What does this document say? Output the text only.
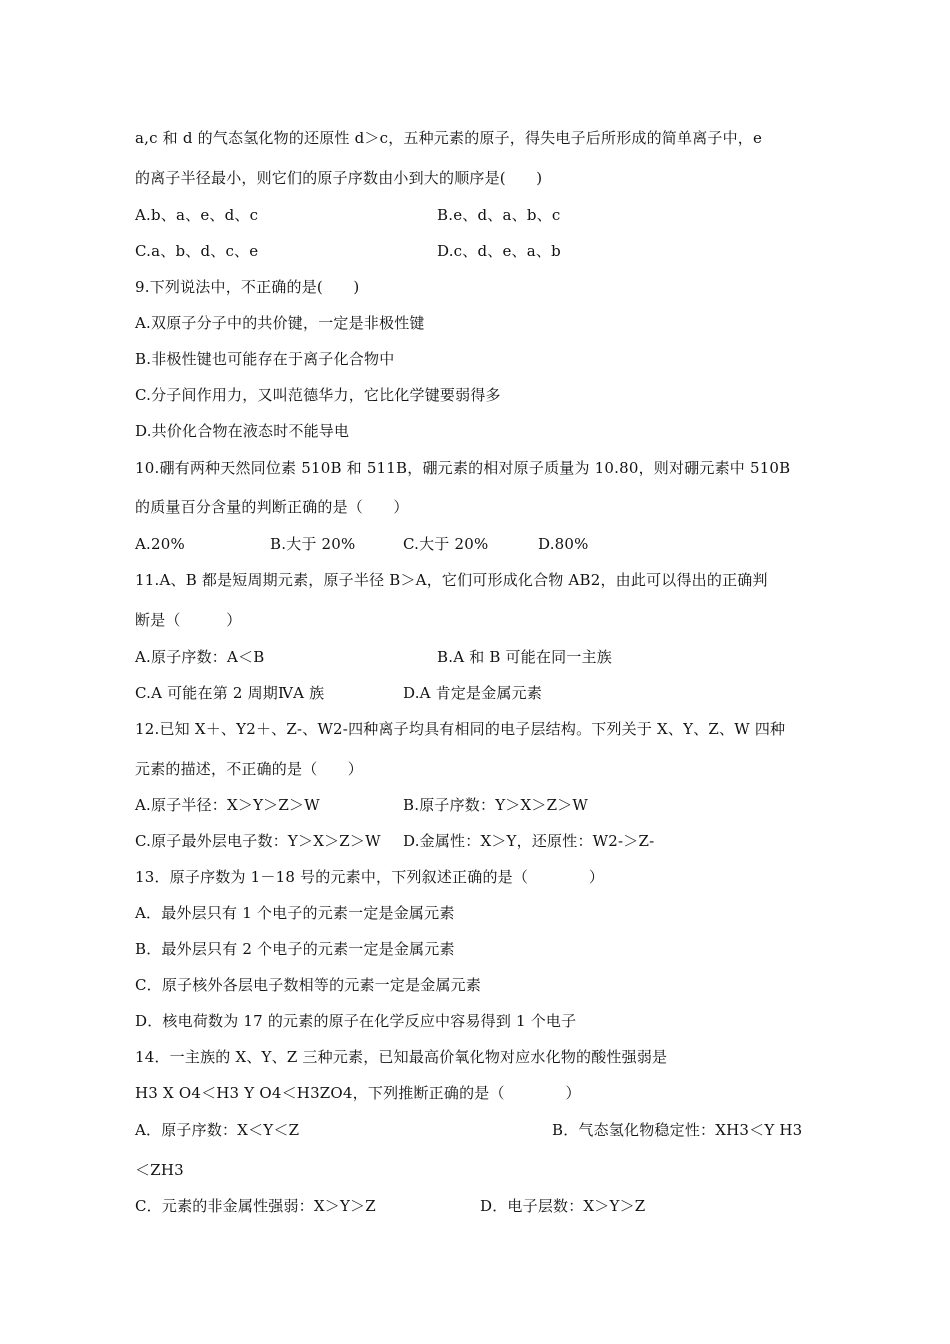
a,c 和 d 的气态氢化物的还原性 d＞c，五种元素的原子，得失电子后所形成的简单离子中，e
的离子半径最小，则它们的原子序数由小到大的顺序是(　　)
A.b、a、e、d、c	B.e、d、a、b、c
C.a、b、d、c、e	D.c、d、e、a、b
9.下列说法中，不正确的是(　　)
A.双原子分子中的共价键，一定是非极性键
B.非极性键也可能存在于离子化合物中
C.分子间作用力，又叫范德华力，它比化学键要弱得多
D.共价化合物在液态时不能导电
10.硼有两种天然同位素 510B 和 511B，硼元素的相对原子质量为 10.80，则对硼元素中 510B
的质量百分含量的判断正确的是（　　）
A.20%	B.大于 20%	C.大于 20%	D.80%
11.A、B 都是短周期元素，原子半径 B＞A，它们可形成化合物 AB2，由此可以得出的正确判
断是（　　　）
A.原子序数：A＜B	B.A 和 B 可能在同一主族
C.A 可能在第 2 周期ⅣA 族	D.A 肯定是金属元素
12.已知 X＋、Y2＋、Z-、W2-四种离子均具有相同的电子层结构。下列关于 X、Y、Z、W 四种
元素的描述，不正确的是（　　）
A.原子半径：X＞Y＞Z＞W	B.原子序数：Y＞X＞Z＞W
C.原子最外层电子数：Y＞X＞Z＞W D.金属性：X＞Y，还原性：W2-＞Z-
13．原子序数为 1－18 号的元素中，下列叙述正确的是（　　　　）
A．最外层只有 1 个电子的元素一定是金属元素
B．最外层只有 2 个电子的元素一定是金属元素
C．原子核外各层电子数相等的元素一定是金属元素
D．核电荷数为 17 的元素的原子在化学反应中容易得到 1 个电子
14．一主族的 X、Y、Z 三种元素，已知最高价氧化物对应水化物的酸性强弱是
H3 X O4＜H3 Y O4＜H3ZO4，下列推断正确的是（　　　　）
A．原子序数：X＜Y＜Z	B．气态氢化物稳定性：XH3＜Y H3
＜ZH3
C．元素的非金属性强弱：X＞Y＞Z	D．电子层数：X＞Y＞Z
